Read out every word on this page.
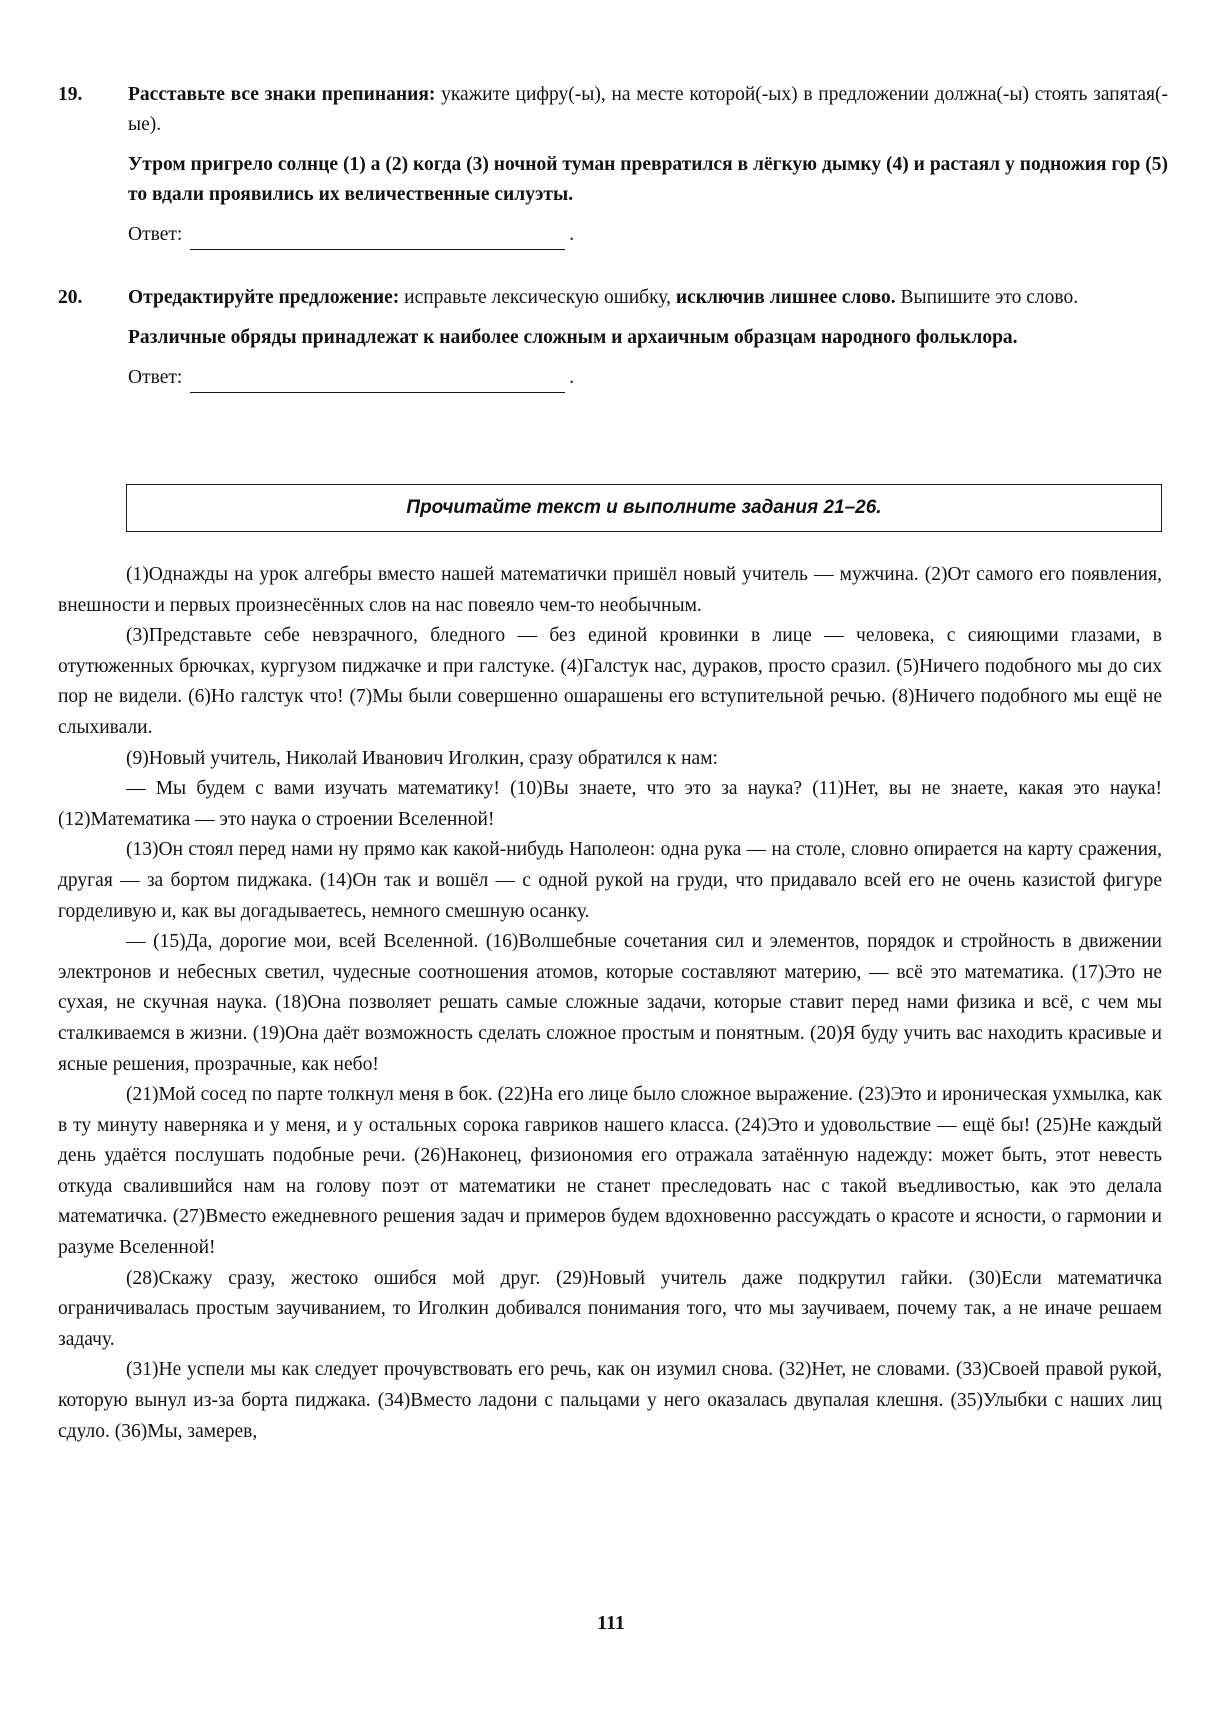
19.	Расставьте все знаки препинания: укажите цифру(-ы), на месте которой(-ых) в предложении должна(-ы) стоять запятая(-ые).

Утром пригрело солнце (1) а (2) когда (3) ночной туман превратился в лёгкую дымку (4) и растаял у подножия гор (5) то вдали проявились их величественные силуэты.

Ответ:	.
20.	Отредактируйте предложение: исправьте лексическую ошибку, исключив лишнее слово. Выпишите это слово.

Различные обряды принадлежат к наиболее сложным и архаичным образцам народного фольклора.

Ответ:	.
Прочитайте текст и выполните задания 21–26.

(1)Однажды на урок алгебры вместо нашей математички пришёл новый учитель — мужчина. (2)От самого его появления, внешности и первых произнесённых слов на нас повеяло чем-то необычным.

(3)Представьте себе невзрачного, бледного — без единой кровинки в лице — человека, с сияющими глазами, в отутюженных брючках, кургузом пиджачке и при галстуке. (4)Галстук нас, дураков, просто сразил. (5)Ничего подобного мы до сих пор не видели. (6)Но галстук что! (7)Мы были совершенно ошарашены его вступительной речью. (8)Ничего подобного мы ещё не слыхивали.

(9)Новый учитель, Николай Иванович Иголкин, сразу обратился к нам:

— Мы будем с вами изучать математику! (10)Вы знаете, что это за наука? (11)Нет, вы не знаете, какая это наука! (12)Математика — это наука о строении Вселенной!

(13)Он стоял перед нами ну прямо как какой-нибудь Наполеон: одна рука — на столе, словно опирается на карту сражения, другая — за бортом пиджака. (14)Он так и вошёл — с одной рукой на груди, что придавало всей его не очень казистой фигуре горделивую и, как вы догадываетесь, немного смешную осанку.

— (15)Да, дорогие мои, всей Вселенной. (16)Волшебные сочетания сил и элементов, порядок и стройность в движении электронов и небесных светил, чудесные соотношения атомов, которые составляют материю, — всё это математика. (17)Это не сухая, не скучная наука. (18)Она позволяет решать самые сложные задачи, которые ставит перед нами физика и всё, с чем мы сталкиваемся в жизни. (19)Она даёт возможность сделать сложное простым и понятным. (20)Я буду учить вас находить красивые и ясные решения, прозрачные, как небо!

(21)Мой сосед по парте толкнул меня в бок. (22)На его лице было сложное выражение. (23)Это и ироническая ухмылка, как в ту минуту наверняка и у меня, и у остальных сорока гавриков нашего класса. (24)Это и удовольствие — ещё бы! (25)Не каждый день удаётся послушать подобные речи. (26)Наконец, физиономия его отражала затаённую надежду: может быть, этот невесть откуда свалившийся нам на голову поэт от математики не станет преследовать нас с такой въедливостью, как это делала математичка. (27)Вместо ежедневного решения задач и примеров будем вдохновенно рассуждать о красоте и ясности, о гармонии и разуме Вселенной!

(28)Скажу сразу, жестоко ошибся мой друг. (29)Новый учитель даже подкрутил гайки. (30)Если математичка ограничивалась простым заучиванием, то Иголкин добивался понимания того, что мы заучиваем, почему так, а не иначе решаем задачу.

(31)Не успели мы как следует прочувствовать его речь, как он изумил снова. (32)Нет, не словами. (33)Своей правой рукой, которую вынул из-за борта пиджака. (34)Вместо ладони с пальцами у него оказалась двупалая клешня. (35)Улыбки с наших лиц сдуло. (36)Мы, замерев,

111
